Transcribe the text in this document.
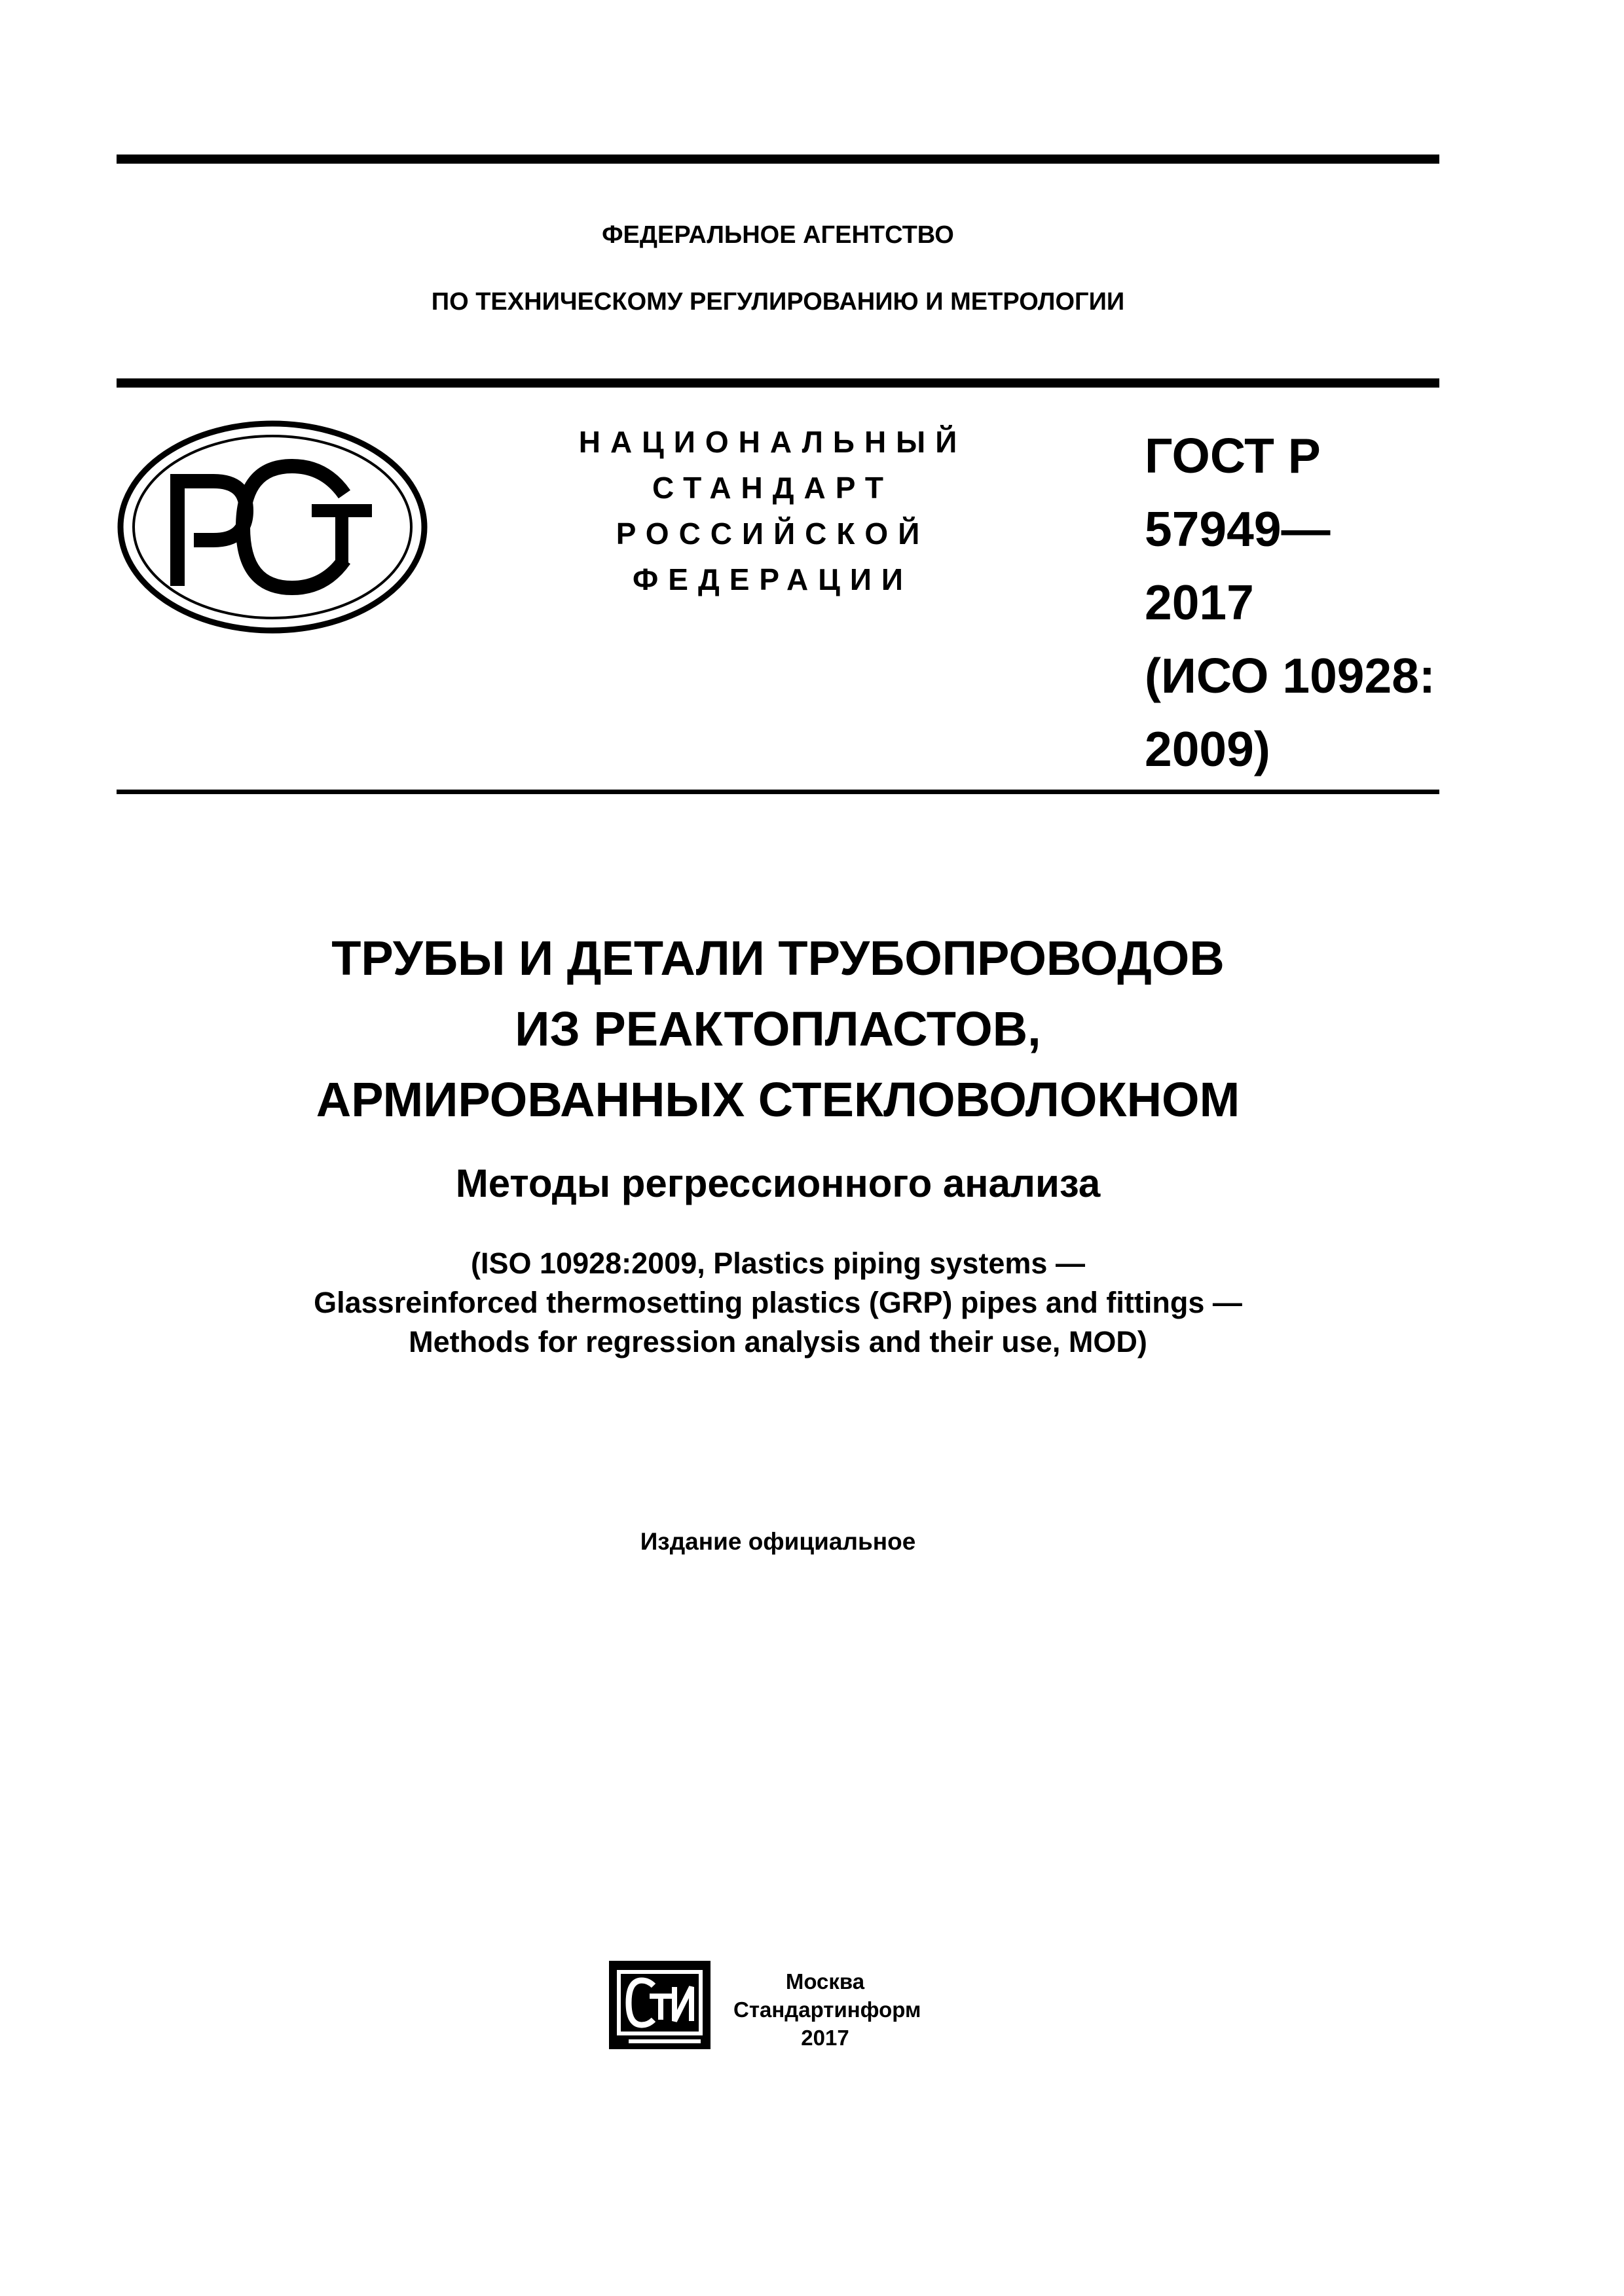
ФЕДЕРАЛЬНОЕ АГЕНТСТВО
ПО ТЕХНИЧЕСКОМУ РЕГУЛИРОВАНИЮ И МЕТРОЛОГИИ
НАЦИОНАЛЬНЫЙ
СТАНДАРТ
РОССИЙСКОЙ
ФЕДЕРАЦИИ
ГОСТ Р
57949—
2017
(ИСО 10928:
2009)
ТРУБЫ И ДЕТАЛИ ТРУБОПРОВОДОВ
ИЗ РЕАКТОПЛАСТОВ,
АРМИРОВАННЫХ СТЕКЛОВОЛОКНОМ
Методы регрессионного анализа
(ISO 10928:2009, Plastics piping systems —
Glassreinforced thermosetting plastics (GRP) pipes and fittings —
Methods for regression analysis and their use, MOD)
Издание официальное
Москва
Стандартинформ
2017
